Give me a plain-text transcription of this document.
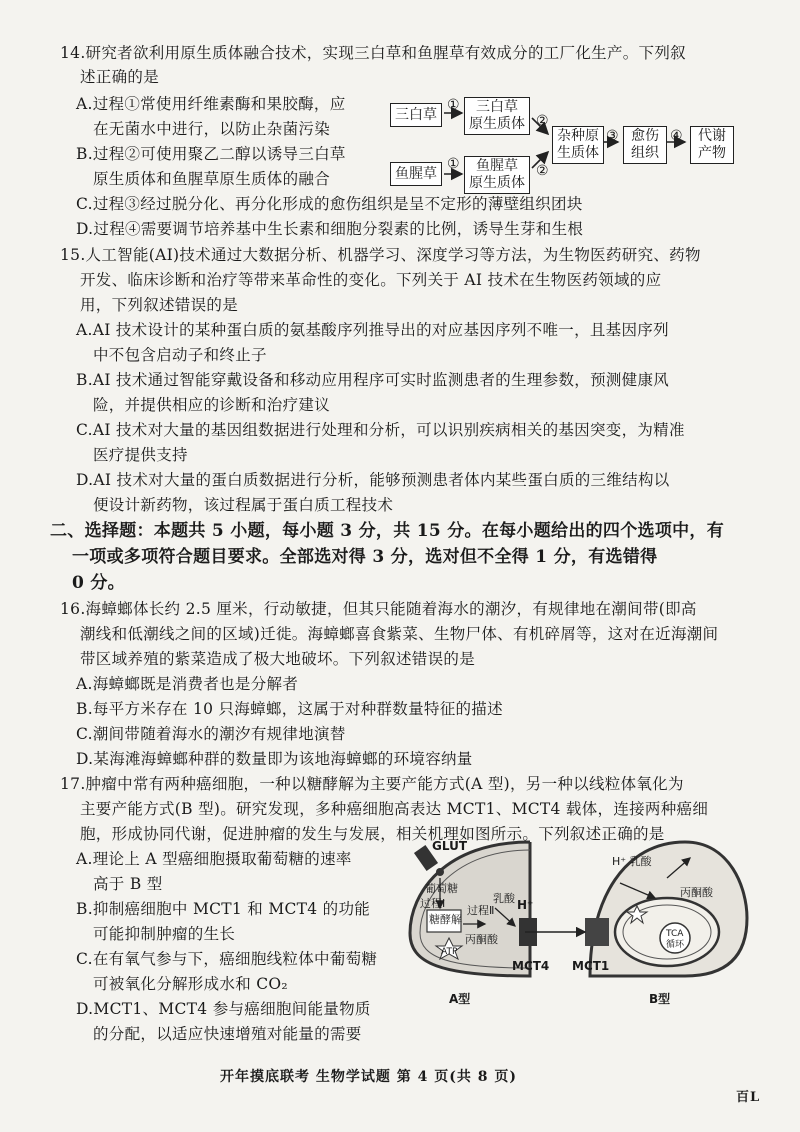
14.研究者欲利用原生质体融合技术，实现三白草和鱼腥草有效成分的工厂化生产。下列叙
述正确的是
A.过程①常使用纤维素酶和果胶酶，应
在无菌水中进行，以防止杂菌污染
B.过程②可使用聚乙二醇以诱导三白草
原生质体和鱼腥草原生质体的融合
C.过程③经过脱分化、再分化形成的愈伤组织是呈不定形的薄壁组织团块
D.过程④需要调节培养基中生长素和细胞分裂素的比例，诱导生芽和生根
三白草
鱼腥草
①
①
三白草
原生质体
鱼腥草
原生质体
②
②
杂种原
生质体
③ 愈伤
组织
④ 代谢
产物
15.人工智能(AI)技术通过大数据分析、机器学习、深度学习等方法，为生物医药研究、药物
开发、临床诊断和治疗等带来革命性的变化。下列关于 AI 技术在生物医药领域的应
用，下列叙述错误的是
A.AI 技术设计的某种蛋白质的氨基酸序列推导出的对应基因序列不唯一，且基因序列
中不包含启动子和终止子
B.AI 技术通过智能穿戴设备和移动应用程序可实时监测患者的生理参数，预测健康风
险，并提供相应的诊断和治疗建议
C.AI 技术对大量的基因组数据进行处理和分析，可以识别疾病相关的基因突变，为精准
医疗提供支持
D.AI 技术对大量的蛋白质数据进行分析，能够预测患者体内某些蛋白质的三维结构以
便设计新药物，该过程属于蛋白质工程技术
二、选择题：本题共 5 小题，每小题 3 分，共 15 分。在每小题给出的四个选项中，有
一项或多项符合题目要求。全部选对得 3 分，选对但不全得 1 分，有选错得
0 分。
16.海蟑螂体长约 2.5 厘米，行动敏捷，但其只能随着海水的潮汐，有规律地在潮间带(即高
潮线和低潮线之间的区域)迁徙。海蟑螂喜食紫菜、生物尸体、有机碎屑等，这对在近海潮间
带区域养殖的紫菜造成了极大地破坏。下列叙述错误的是
A.海蟑螂既是消费者也是分解者
B.每平方米存在 10 只海蟑螂，这属于对种群数量特征的描述
C.潮间带随着海水的潮汐有规律地演替
D.某海滩海蟑螂种群的数量即为该地海蟑螂的环境容纳量
17.肿瘤中常有两种癌细胞，一种以糖酵解为主要产能方式(A 型)，另一种以线粒体氧化为
主要产能方式(B 型)。研究发现，多种癌细胞高表达 MCT1、MCT4 载体，连接两种癌细
胞，形成协同代谢，促进肿瘤的发生与发展，相关机理如图所示。下列叙述正确的是
A.理论上 A 型癌细胞摄取葡萄糖的速率
高于 B 型
B.抑制癌细胞中 MCT1 和 MCT4 的功能
可能抑制肿瘤的生长
C.在有氧气参与下，癌细胞线粒体中葡萄糖
可被氧化分解形成水和 CO₂
D.MCT1、MCT4 参与癌细胞间能量物质
的分配，以适应快速增殖对能量的需要
GLUT
葡萄糖
过程Ⅰ
糖酵解
ATP
过程Ⅱ
乳酸 H⁺
丙酮酸
MCT4 MCT1
A型	B型
H⁺ 乳酸
丙酮酸
TCA
循环
开年摸底联考 生物学试题 第 4 页(共 8 页)
百L
